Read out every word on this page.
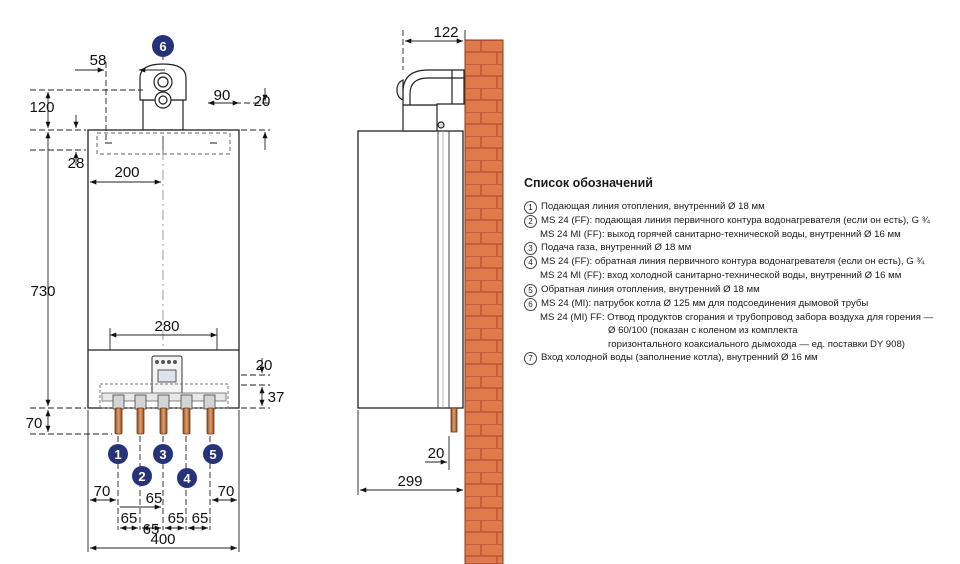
58
120
90 20
28
200
730
280
20
37
70
70	70
65
65
65
65 65
400
6
1
2
3
4
5
122
20
299
Список обозначений
1 Подающая линия отопления, внутренний Ø 18 мм
2 MS 24 (FF): подающая линия первичного контура водонагревателя (если он есть), G ¾
MS 24 MI (FF): выход горячей санитарно-технической воды, внутренний Ø 16 мм
3 Подача газа, внутренний Ø 18 мм
4 MS 24 (FF): обратная линия первичного контура водонагревателя (если он есть), G ¾
MS 24 MI (FF): вход холодной санитарно-технической воды, внутренний Ø 16 мм
5 Обратная линия отопления, внутренний Ø 18 мм
6 MS 24 (MI): патрубок котла Ø 125 мм для подсоединения дымовой трубы
MS 24 (MI) FF: Отвод продуктов сгорания и трубопровод забора воздуха для горения —
Ø 60/100 (показан с коленом из комплекта
горизонтального коаксиального дымохода — ед. поставки DY 908)
7 Вход холодной воды (заполнение котла), внутренний Ø 16 мм
